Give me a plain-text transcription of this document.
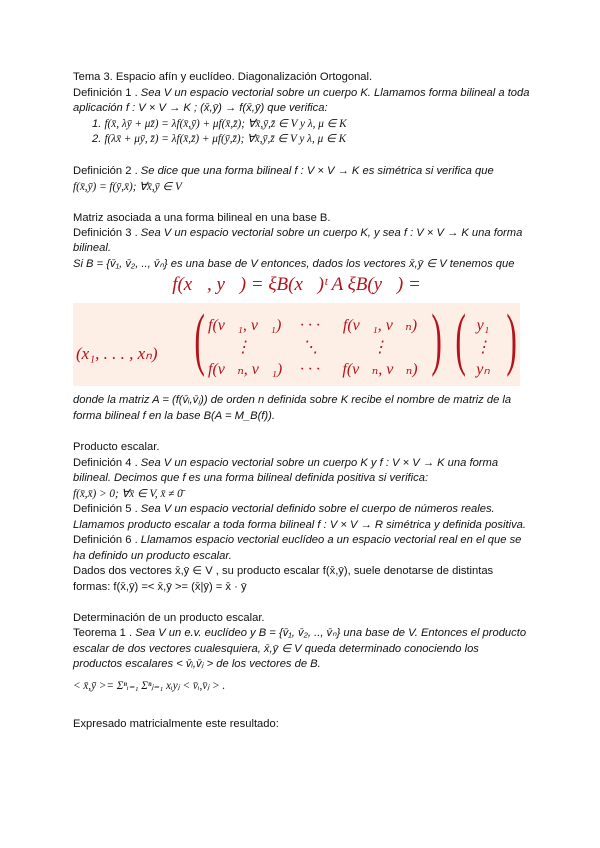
Tema 3. Espacio afín y euclídeo. Diagonalización Ortogonal.
Definición 1 . Sea V un espacio vectorial sobre un cuerpo K. Llamamos forma bilineal a toda
aplicación f : V × V → K ; (x̄,ȳ) → f(x̄,ȳ) que verifica:
1. f(x̄, λȳ + μz̄) = λf(x̄,ȳ) + μf(x̄,z̄); ∀x̄,ȳ,z̄ ∈ V y λ, μ ∈ K
2. f(λx̄ + μȳ, z̄) = λf(x̄,z̄) + μf(ȳ,z̄); ∀x̄,ȳ,z̄ ∈ V y λ, μ ∈ K
Definición 2 . Se dice que una forma bilineal f : V × V → K es simétrica si verifica que
f(x̄,ȳ) = f(ȳ,x̄); ∀x̄,ȳ ∈ V
Matriz asociada a una forma bilineal en una base B.
Definición 3 . Sea V un espacio vectorial sobre un cuerpo K, y sea f : V × V → K una forma
bilineal.
Si B = {v̄₁, v̄₂, .., v̄ₙ} es una base de V entonces, dados los vectores x̄,ȳ ∈ V tenemos que
f(x⃗, y⃗) = ξB(x⃗)ᵗ A ξB(y⃗) =
(x₁, . . . , xₙ) (	)
f(v⃗₁, v⃗₁)	· · ·	f(v⃗₁, v⃗ₙ)
⋮	⋱	⋮
f(v⃗ₙ, v⃗₁)	· · ·	f(v⃗ₙ, v⃗ₙ) ( )
y₁
⋮
yₙ
donde la matriz A = (f(v̄ᵢ,v̄ⱼ)) de orden n definida sobre K recibe el nombre de matriz de la
forma bilineal f en la base B(A = M_B(f)).
Producto escalar.
Definición 4 . Sea V un espacio vectorial sobre un cuerpo K y f : V × V → K una forma
bilineal. Decimos que f es una forma bilineal definida positiva si verifica:
f(x̄,x̄) > 0; ∀x̄ ∈ V, x̄ ≠ 0̄
Definición 5 . Sea V un espacio vectorial definido sobre el cuerpo de números reales.
Llamamos producto escalar a toda forma bilineal f : V × V → R simétrica y definida positiva.
Definición 6 . Llamamos espacio vectorial euclídeo a un espacio vectorial real en el que se
ha definido un producto escalar.
Dados dos vectores x̄,ȳ ∈ V , su producto escalar f(x̄,ȳ), suele denotarse de distintas
formas: f(x̄,ȳ) =< x̄,ȳ >= (x̄|ȳ) = x̄ · ȳ
Determinación de un producto escalar.
Teorema 1 . Sea V un e.v. euclídeo y B = {v̄₁, v̄₂, .., v̄ₙ} una base de V. Entonces el producto
escalar de dos vectores cualesquiera, x̄,ȳ ∈ V queda determinado conociendo los
productos escalares < v̄ᵢ,v̄ⱼ > de los vectores de B.
< x̄,ȳ >= Σⁿᵢ₌₁ Σⁿⱼ₌₁ xᵢyⱼ < v̄ᵢ,v̄ⱼ > .
Expresado matricialmente este resultado:
